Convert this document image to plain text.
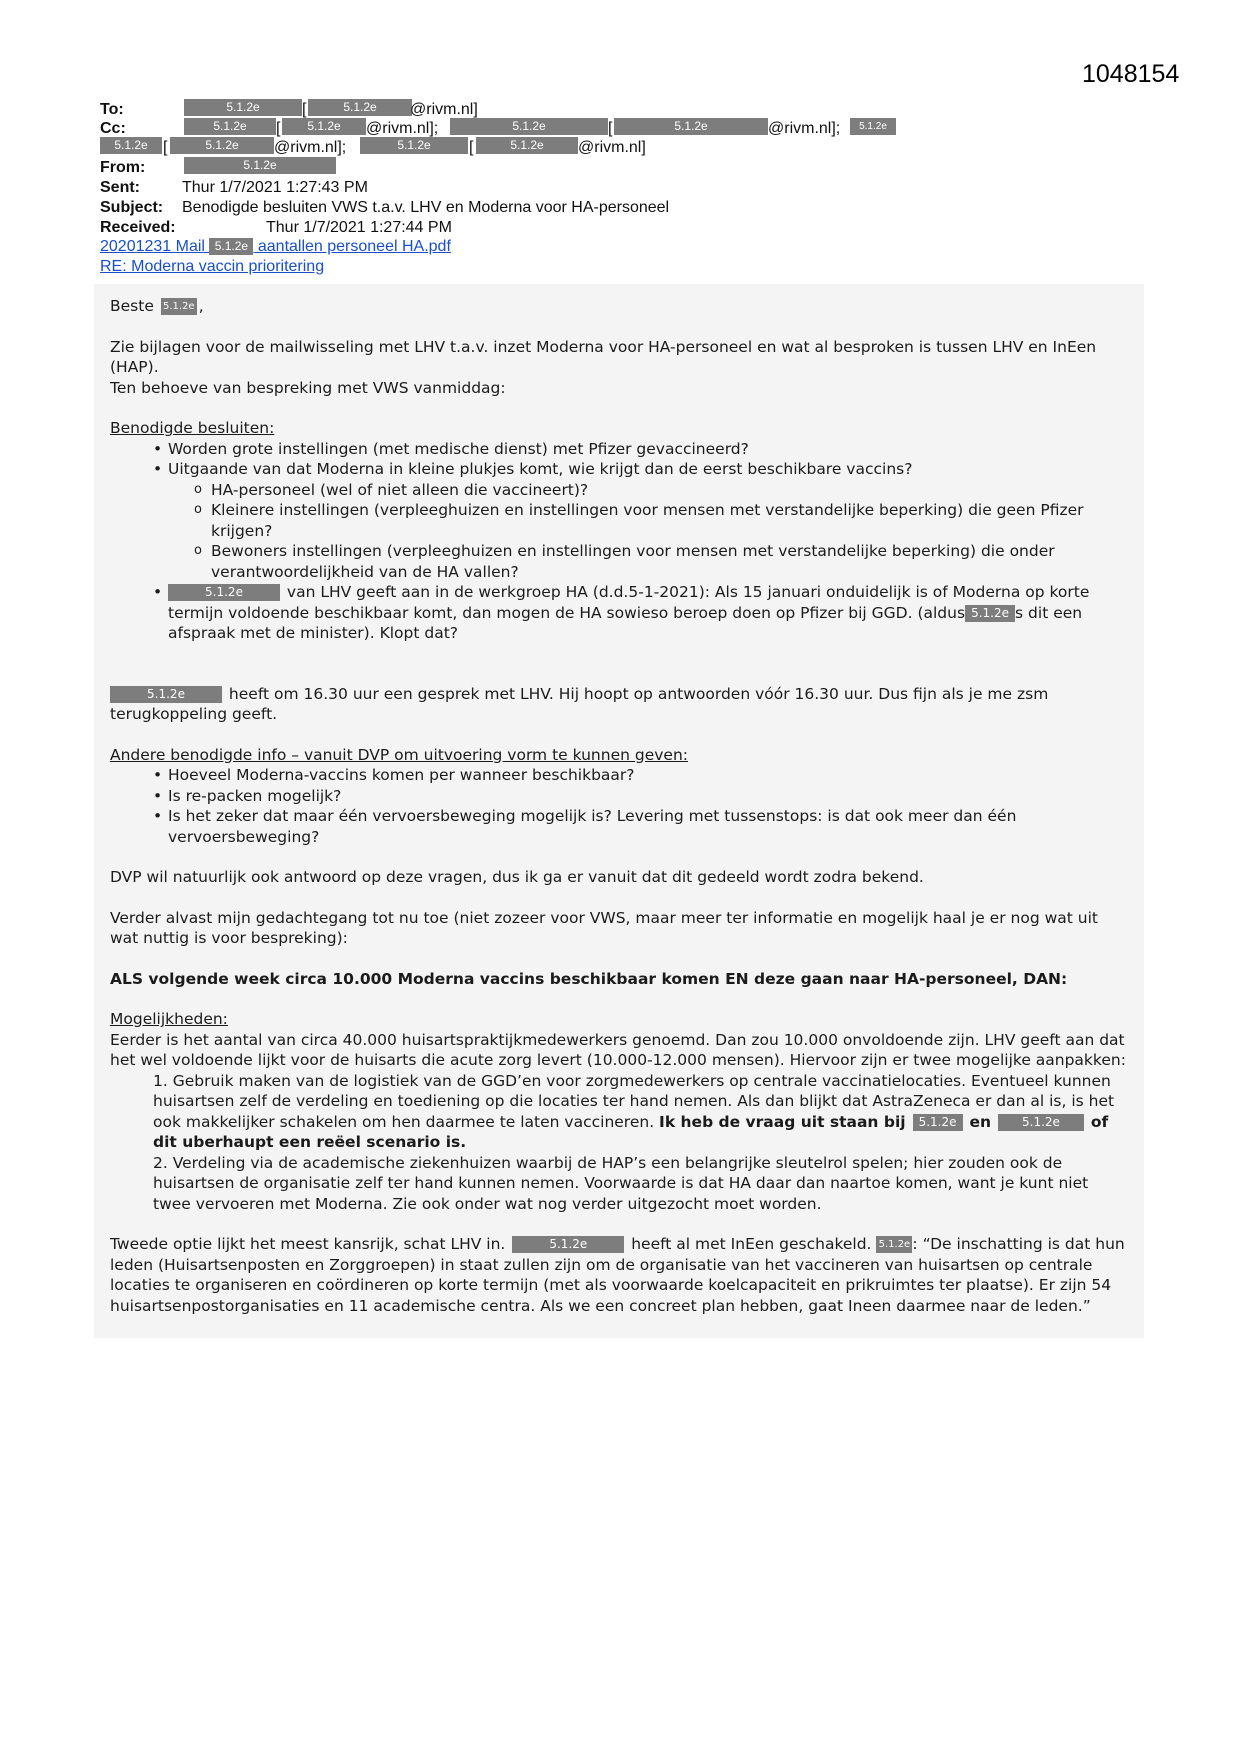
1048154
To:	5.1.2e	[	5.1.2e	@rivm.nl]
Cc:	5.1.2e	[	5.1.2e	@rivm.nl];	5.1.2e	[	5.1.2e	@rivm.nl];	5.1.2e
5.1.2e [	5.1.2e	@rivm.nl];	5.1.2e	[	5.1.2e	@rivm.nl]
From:	5.1.2e
Sent:	Thur 1/7/2021 1:27:43 PM
Subject: Benodigde besluiten VWS t.a.v. LHV en Moderna voor HA-personeel
Received:	Thur 1/7/2021 1:27:44 PM
20201231 Mail 5.1.2e aantallen personeel HA.pdf
RE: Moderna vaccin prioritering

Beste 5.1.2e ,

Zie bijlagen voor de mailwisseling met LHV t.a.v. inzet Moderna voor HA-personeel en wat al besproken is tussen LHV en InEen (HAP).

Ten behoeve van bespreking met VWS vanmiddag:

Benodigde besluiten:

• Worden grote instellingen (met medische dienst) met Pfizer gevaccineerd?
• Uitgaande van dat Moderna in kleine plukjes komt, wie krijgt dan de eerst beschikbare vaccins?
o HA-personeel (wel of niet alleen die vaccineert)?
o Kleinere instellingen (verpleeghuizen en instellingen voor mensen met verstandelijke beperking) die geen Pfizer krijgen?
o Bewoners instellingen (verpleeghuizen en instellingen voor mensen met verstandelijke beperking) die onder verantwoordelijkheid van de HA vallen?
• 5.1.2e	van LHV geeft aan in de werkgroep HA (d.d.5-1-2021): Als 15 januari onduidelijk is of Moderna op korte termijn voldoende beschikbaar komt, dan mogen de HA sowieso beroep doen op Pfizer bij GGD. (aldus 5.1.2e s dit een afspraak met de minister). Klopt dat?

5.1.2e	heeft om 16.30 uur een gesprek met LHV. Hij hoopt op antwoorden vóór 16.30 uur. Dus fijn als je me zsm terugkoppeling geeft.

Andere benodigde info – vanuit DVP om uitvoering vorm te kunnen geven:

• Hoeveel Moderna-vaccins komen per wanneer beschikbaar?
• Is re-packen mogelijk?
• Is het zeker dat maar één vervoersbeweging mogelijk is? Levering met tussenstops: is dat ook meer dan één vervoersbeweging?

DVP wil natuurlijk ook antwoord op deze vragen, dus ik ga er vanuit dat dit gedeeld wordt zodra bekend.

Verder alvast mijn gedachtegang tot nu toe (niet zozeer voor VWS, maar meer ter informatie en mogelijk haal je er nog wat uit wat nuttig is voor bespreking):

ALS volgende week circa 10.000 Moderna vaccins beschikbaar komen EN deze gaan naar HA-personeel, DAN:

Mogelijkheden:

Eerder is het aantal van circa 40.000 huisartspraktijkmedewerkers genoemd. Dan zou 10.000 onvoldoende zijn. LHV geeft aan dat het wel voldoende lijkt voor de huisarts die acute zorg levert (10.000-12.000 mensen). Hiervoor zijn er twee mogelijke aanpakken:

1. Gebruik maken van de logistiek van de GGD’en voor zorgmedewerkers op centrale vaccinatielocaties. Eventueel kunnen huisartsen zelf de verdeling en toediening op die locaties ter hand nemen. Als dan blijkt dat AstraZeneca er dan al is, is het ook makkelijker schakelen om hen daarmee te laten vaccineren. Ik heb de vraag uit staan bij 5.1.2e en	5.1.2e of dit uberhaupt een reëel scenario is.

2. Verdeling via de academische ziekenhuizen waarbij de HAP’s een belangrijke sleutelrol spelen; hier zouden ook de huisartsen de organisatie zelf ter hand kunnen nemen. Voorwaarde is dat HA daar dan naartoe komen, want je kunt niet twee vervoeren met Moderna. Zie ook onder wat nog verder uitgezocht moet worden.

Tweede optie lijkt het meest kansrijk, schat LHV in.	5.1.2e	heeft al met InEen geschakeld. 5.1.2e : “De inschatting is dat hun leden (Huisartsenposten en Zorggroepen) in staat zullen zijn om de organisatie van het vaccineren van huisartsen op centrale locaties te organiseren en coördineren op korte termijn (met als voorwaarde koelcapaciteit en prikruimtes ter plaatse). Er zijn 54 huisartsenpostorganisaties en 11 academische centra. Als we een concreet plan hebben, gaat Ineen daarmee naar de leden.”
